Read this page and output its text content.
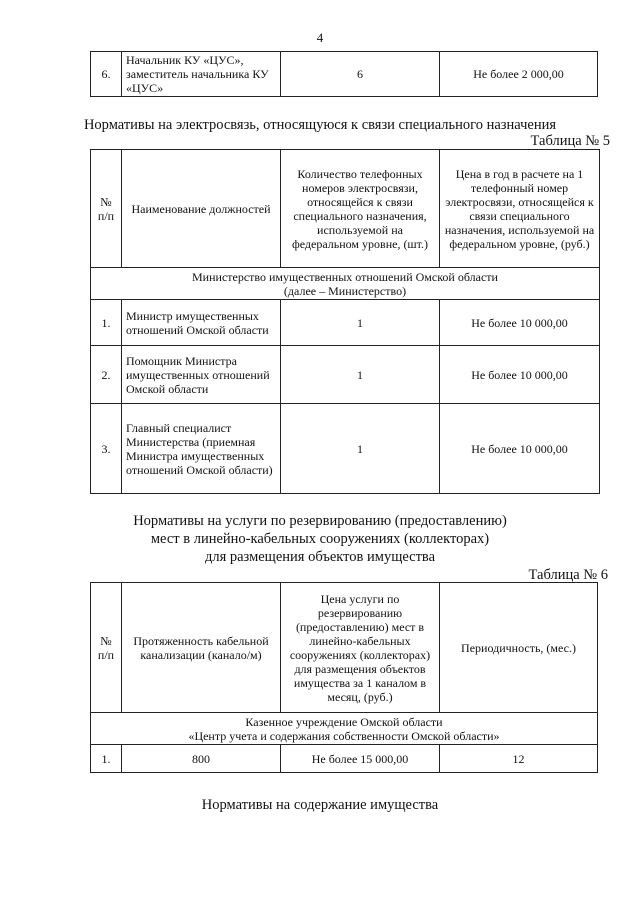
4
6.	Начальник КУ «ЦУС», заместитель начальника КУ «ЦУС»	6	Не более 2 000,00
Нормативы на электросвязь, относящуюся к связи специального назначения
Таблица № 5
№ п/п	Наименование должностей	Количество телефонных номеров электросвязи, относящейся к связи специального назначения, используемой на федеральном уровне, (шт.)	Цена в год в расчете на 1 телефонный номер электросвязи, относящейся к связи специального назначения, используемой на федеральном уровне, (руб.)

Министерство имущественных отношений Омской области
(далее – Министерство)			

1.	Министр имущественных отношений Омской области	1	Не более 10 000,00
2.	Помощник Министра имущественных отношений Омской области	1	Не более 10 000,00
3.	Главный специалист Министерства (приемная Министра имущественных отношений Омской области)	1	Не более 10 000,00
Нормативы на услуги по резервированию (предоставлению)
мест в линейно-кабельных сооружениях (коллекторах)
для размещения объектов имущества
Таблица № 6
№ п/п	Протяженность кабельной канализации (канало/м)	Цена услуги по резервированию (предоставлению) мест в линейно-кабельных сооружениях (коллекторах) для размещения объектов имущества за 1 каналом в месяц, (руб.)	Периодичность, (мес.)

Казенное учреждение Омской области
«Центр учета и содержания собственности Омской области»			

1.	800	Не более 15 000,00	12
Нормативы на содержание имущества
